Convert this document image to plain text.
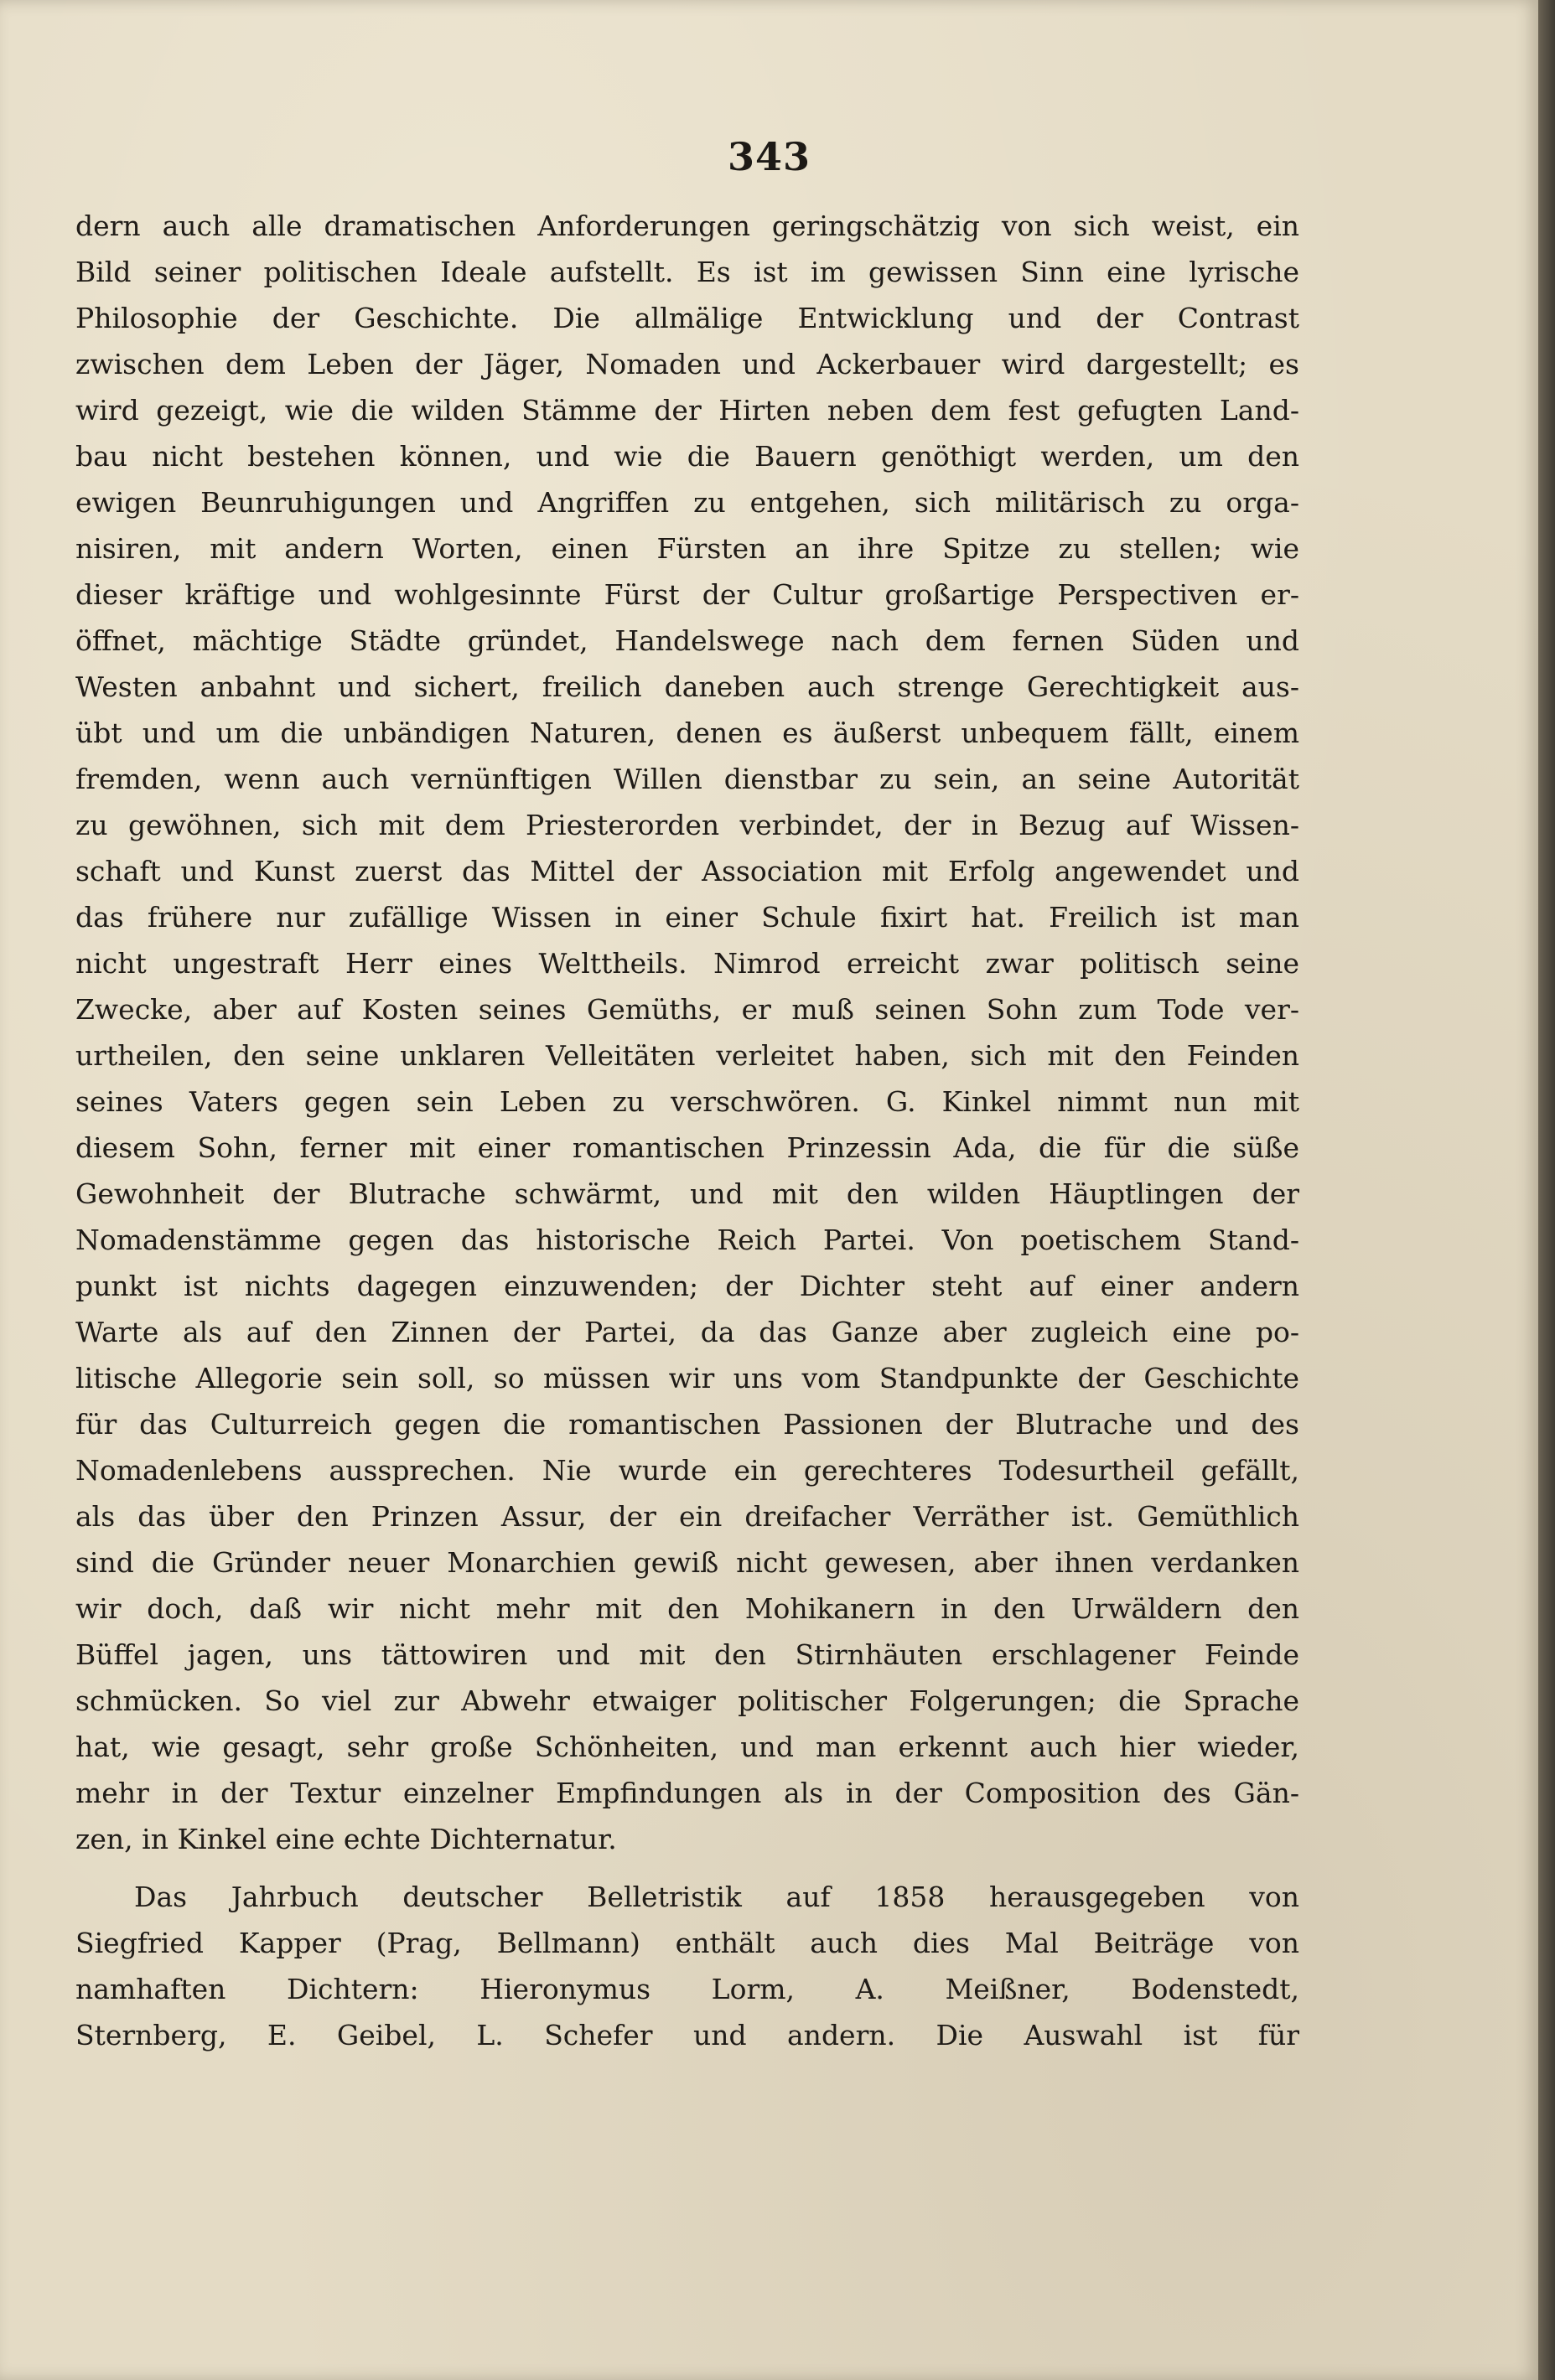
343
dern auch alle dramatischen Anforderungen geringschätzig von sich weist, ein
Bild seiner politischen Ideale aufstellt. Es ist im gewissen Sinn eine lyrische
Philosophie der Geschichte. Die allmälige Entwicklung und der Contrast
zwischen dem Leben der Jäger, Nomaden und Ackerbauer wird dargestellt; es
wird gezeigt, wie die wilden Stämme der Hirten neben dem fest gefugten Land-
bau nicht bestehen können, und wie die Bauern genöthigt werden, um den
ewigen Beunruhigungen und Angriffen zu entgehen, sich militärisch zu orga-
nisiren, mit andern Worten, einen Fürsten an ihre Spitze zu stellen; wie
dieser kräftige und wohlgesinnte Fürst der Cultur großartige Perspectiven er-
öffnet, mächtige Städte gründet, Handelswege nach dem fernen Süden und
Westen anbahnt und sichert, freilich daneben auch strenge Gerechtigkeit aus-
übt und um die unbändigen Naturen, denen es äußerst unbequem fällt, einem
fremden, wenn auch vernünftigen Willen dienstbar zu sein, an seine Autorität
zu gewöhnen, sich mit dem Priesterorden verbindet, der in Bezug auf Wissen-
schaft und Kunst zuerst das Mittel der Association mit Erfolg angewendet und
das frühere nur zufällige Wissen in einer Schule fixirt hat. Freilich ist man
nicht ungestraft Herr eines Welttheils. Nimrod erreicht zwar politisch seine
Zwecke, aber auf Kosten seines Gemüths, er muß seinen Sohn zum Tode ver-
urtheilen, den seine unklaren Velleitäten verleitet haben, sich mit den Feinden
seines Vaters gegen sein Leben zu verschwören. G. Kinkel nimmt nun mit
diesem Sohn, ferner mit einer romantischen Prinzessin Ada, die für die süße
Gewohnheit der Blutrache schwärmt, und mit den wilden Häuptlingen der
Nomadenstämme gegen das historische Reich Partei. Von poetischem Stand-
punkt ist nichts dagegen einzuwenden; der Dichter steht auf einer andern
Warte als auf den Zinnen der Partei, da das Ganze aber zugleich eine po-
litische Allegorie sein soll, so müssen wir uns vom Standpunkte der Geschichte
für das Culturreich gegen die romantischen Passionen der Blutrache und des
Nomadenlebens aussprechen. Nie wurde ein gerechteres Todesurtheil gefällt,
als das über den Prinzen Assur, der ein dreifacher Verräther ist. Gemüthlich
sind die Gründer neuer Monarchien gewiß nicht gewesen, aber ihnen verdanken
wir doch, daß wir nicht mehr mit den Mohikanern in den Urwäldern den
Büffel jagen, uns tättowiren und mit den Stirnhäuten erschlagener Feinde
schmücken. So viel zur Abwehr etwaiger politischer Folgerungen; die Sprache
hat, wie gesagt, sehr große Schönheiten, und man erkennt auch hier wieder,
mehr in der Textur einzelner Empfindungen als in der Composition des Gän-
zen, in Kinkel eine echte Dichternatur.
Das Jahrbuch deutscher Belletristik auf 1858 herausgegeben von
Siegfried Kapper (Prag, Bellmann) enthält auch dies Mal Beiträge von
namhaften Dichtern: Hieronymus Lorm, A. Meißner, Bodenstedt,
Sternberg, E. Geibel, L. Schefer und andern. Die Auswahl ist für
